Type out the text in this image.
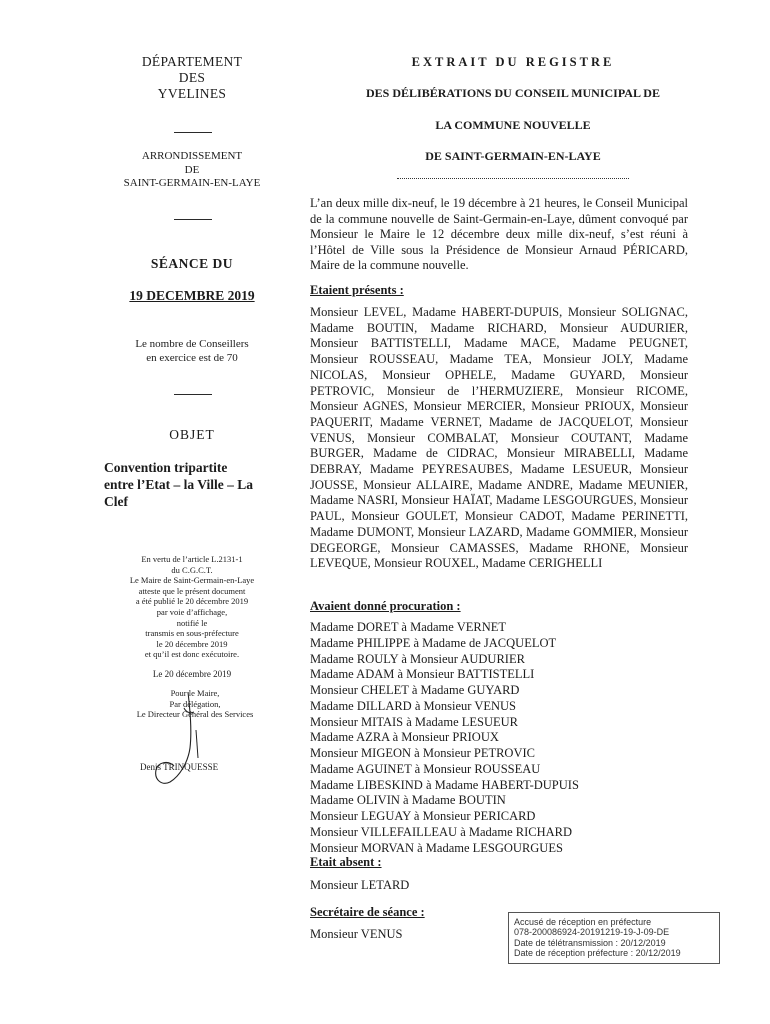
DÉPARTEMENT
DES
YVELINES
ARRONDISSEMENT
DE
SAINT-GERMAIN-EN-LAYE
SÉANCE DU
19 DECEMBRE 2019
Le nombre de Conseillers
en exercice est de 70
OBJET
Convention tripartite
entre l’Etat – la Ville – La
Clef
En vertu de l’article L.2131-1
du C.G.C.T.
Le Maire de Saint-Germain-en-Laye
atteste que le présent document
a été publié le 20 décembre 2019
par voie d’affichage,
notifié le
transmis en sous-préfecture
le 20 décembre 2019
et qu’il est donc exécutoire.
Le 20 décembre 2019
Pour le Maire,
Par délégation,
Le Directeur Général des Services
Denis TRINQUESSE
EXTRAIT DU REGISTRE
DES DÉLIBÉRATIONS DU CONSEIL MUNICIPAL DE
LA COMMUNE NOUVELLE
DE SAINT-GERMAIN-EN-LAYE
L’an deux mille dix-neuf, le 19 décembre à 21 heures, le Conseil Municipal de la commune nouvelle de Saint-Germain-en-Laye, dûment convoqué par Monsieur le Maire le 12 décembre deux mille dix-neuf, s’est réuni à l’Hôtel de Ville sous la Présidence de Monsieur Arnaud PÉRICARD, Maire de la commune nouvelle.
Etaient présents :
Monsieur LEVEL, Madame HABERT-DUPUIS, Monsieur SOLIGNAC, Madame BOUTIN, Madame RICHARD, Monsieur AUDURIER, Monsieur BATTISTELLI, Madame MACE, Madame PEUGNET, Monsieur ROUSSEAU, Madame TEA, Monsieur JOLY, Madame NICOLAS, Monsieur OPHELE, Madame GUYARD, Monsieur PETROVIC, Monsieur de l’HERMUZIERE, Monsieur RICOME, Monsieur AGNES, Monsieur MERCIER, Monsieur PRIOUX, Monsieur PAQUERIT, Madame VERNET, Madame de JACQUELOT, Monsieur VENUS, Monsieur COMBALAT, Monsieur COUTANT, Madame BURGER, Madame de CIDRAC, Monsieur MIRABELLI, Madame DEBRAY, Madame PEYRESAUBES, Madame LESUEUR, Monsieur JOUSSE, Monsieur ALLAIRE, Madame ANDRE, Madame MEUNIER, Madame NASRI, Monsieur HAÏAT, Madame LESGOURGUES, Monsieur PAUL, Monsieur GOULET, Monsieur CADOT, Madame PERINETTI, Madame DUMONT, Monsieur LAZARD, Madame GOMMIER, Monsieur DEGEORGE, Monsieur CAMASSES, Madame RHONE, Monsieur LEVEQUE, Monsieur ROUXEL, Madame CERIGHELLI
Avaient donné procuration :
Madame DORET à Madame VERNET
Madame PHILIPPE à Madame de JACQUELOT
Madame ROULY à Monsieur AUDURIER
Madame ADAM à Monsieur BATTISTELLI
Monsieur CHELET à Madame GUYARD
Madame DILLARD à Monsieur VENUS
Monsieur MITAIS à Madame LESUEUR
Madame AZRA à Monsieur PRIOUX
Monsieur MIGEON à Monsieur PETROVIC
Madame AGUINET à Monsieur ROUSSEAU
Madame LIBESKIND à Madame HABERT-DUPUIS
Madame OLIVIN à Madame BOUTIN
Monsieur LEGUAY à Monsieur PERICARD
Monsieur VILLEFAILLEAU à Madame RICHARD
Monsieur MORVAN à Madame LESGOURGUES
Etait absent :
Monsieur LETARD
Secrétaire de séance :
Monsieur VENUS
Accusé de réception en préfecture
078-200086924-20191219-19-J-09-DE
Date de télétransmission : 20/12/2019
Date de réception préfecture : 20/12/2019
